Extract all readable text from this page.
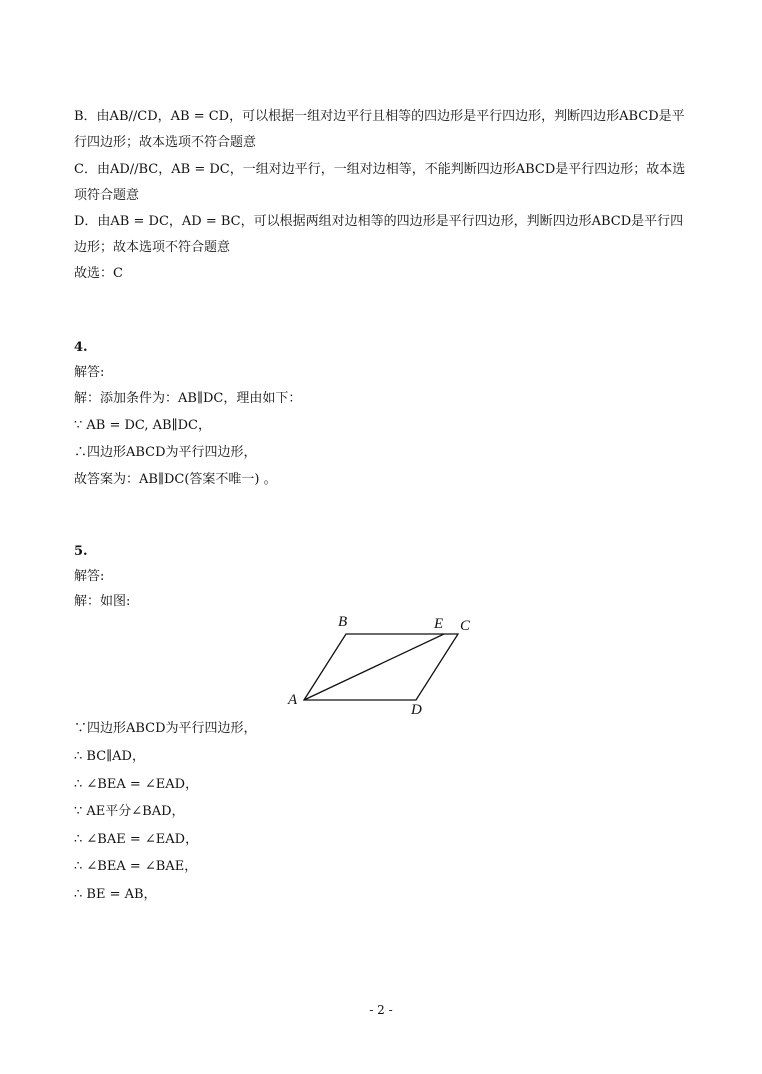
B．由AB//CD，AB = CD，可以根据一组对边平行且相等的四边形是平行四边形，判断四边形ABCD是平
行四边形；故本选项不符合题意
C．由AD//BC，AB = DC，一组对边平行，一组对边相等，不能判断四边形ABCD是平行四边形；故本选
项符合题意
D．由AB = DC，AD = BC，可以根据两组对边相等的四边形是平行四边形，判断四边形ABCD是平行四
边形；故本选项不符合题意
故选：C
4.
解答:
解：添加条件为：AB∥DC，理由如下：
∵ AB = DC, AB∥DC，
∴四边形ABCD为平行四边形，
故答案为：AB∥DC(答案不唯一) 。
5.
解答:
解：如图:
B	E C
A
D
∵四边形ABCD为平行四边形，
∴ BC∥AD，
∴ ∠BEA = ∠EAD，
∵ AE平分∠BAD，
∴ ∠BAE = ∠EAD，
∴ ∠BEA = ∠BAE，
∴ BE = AB，
- 2 -
